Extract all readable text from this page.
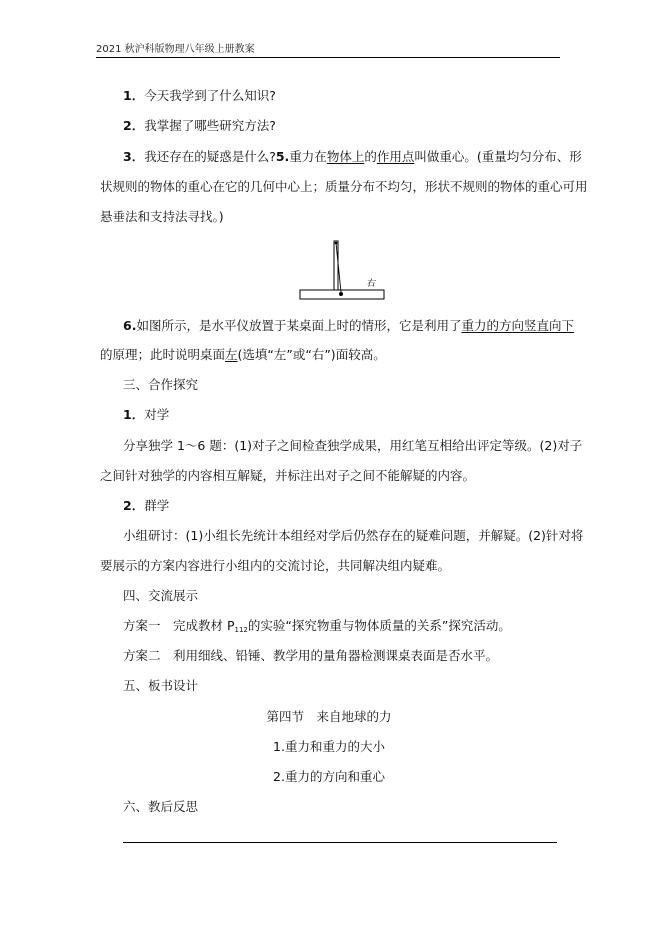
2021 秋沪科版物理八年级上册教案
1．今天我学到了什么知识?
2．我掌握了哪些研究方法?
3．我还存在的疑惑是什么?5.重力在物体上的作用点叫做重心。(重量均匀分布、形
状规则的物体的重心在它的几何中心上；质量分布不均匀，形状不规则的物体的重心可用
悬垂法和支持法寻找。)
右
6.如图所示，是水平仪放置于某桌面上时的情形，它是利用了重力的方向竖直向下
的原理；此时说明桌面左(选填“左”或“右”)面较高。
三、合作探究
1．对学
分享独学 1～6 题：(1)对子之间检查独学成果，用红笔互相给出评定等级。(2)对子
之间针对独学的内容相互解疑，并标注出对子之间不能解疑的内容。
2．群学
小组研讨：(1)小组长先统计本组经对学后仍然存在的疑难问题，并解疑。(2)针对将
要展示的方案内容进行小组内的交流讨论，共同解决组内疑难。
四、交流展示
方案一　完成教材 $P_{112}$的实验“探究物重与物体质量的关系”探究活动。
方案二　利用细线、铅锤、教学用的量角器检测课桌表面是否水平。
五、板书设计
第四节　来自地球的力
1.重力和重力的大小
2.重力的方向和重心
六、教后反思
